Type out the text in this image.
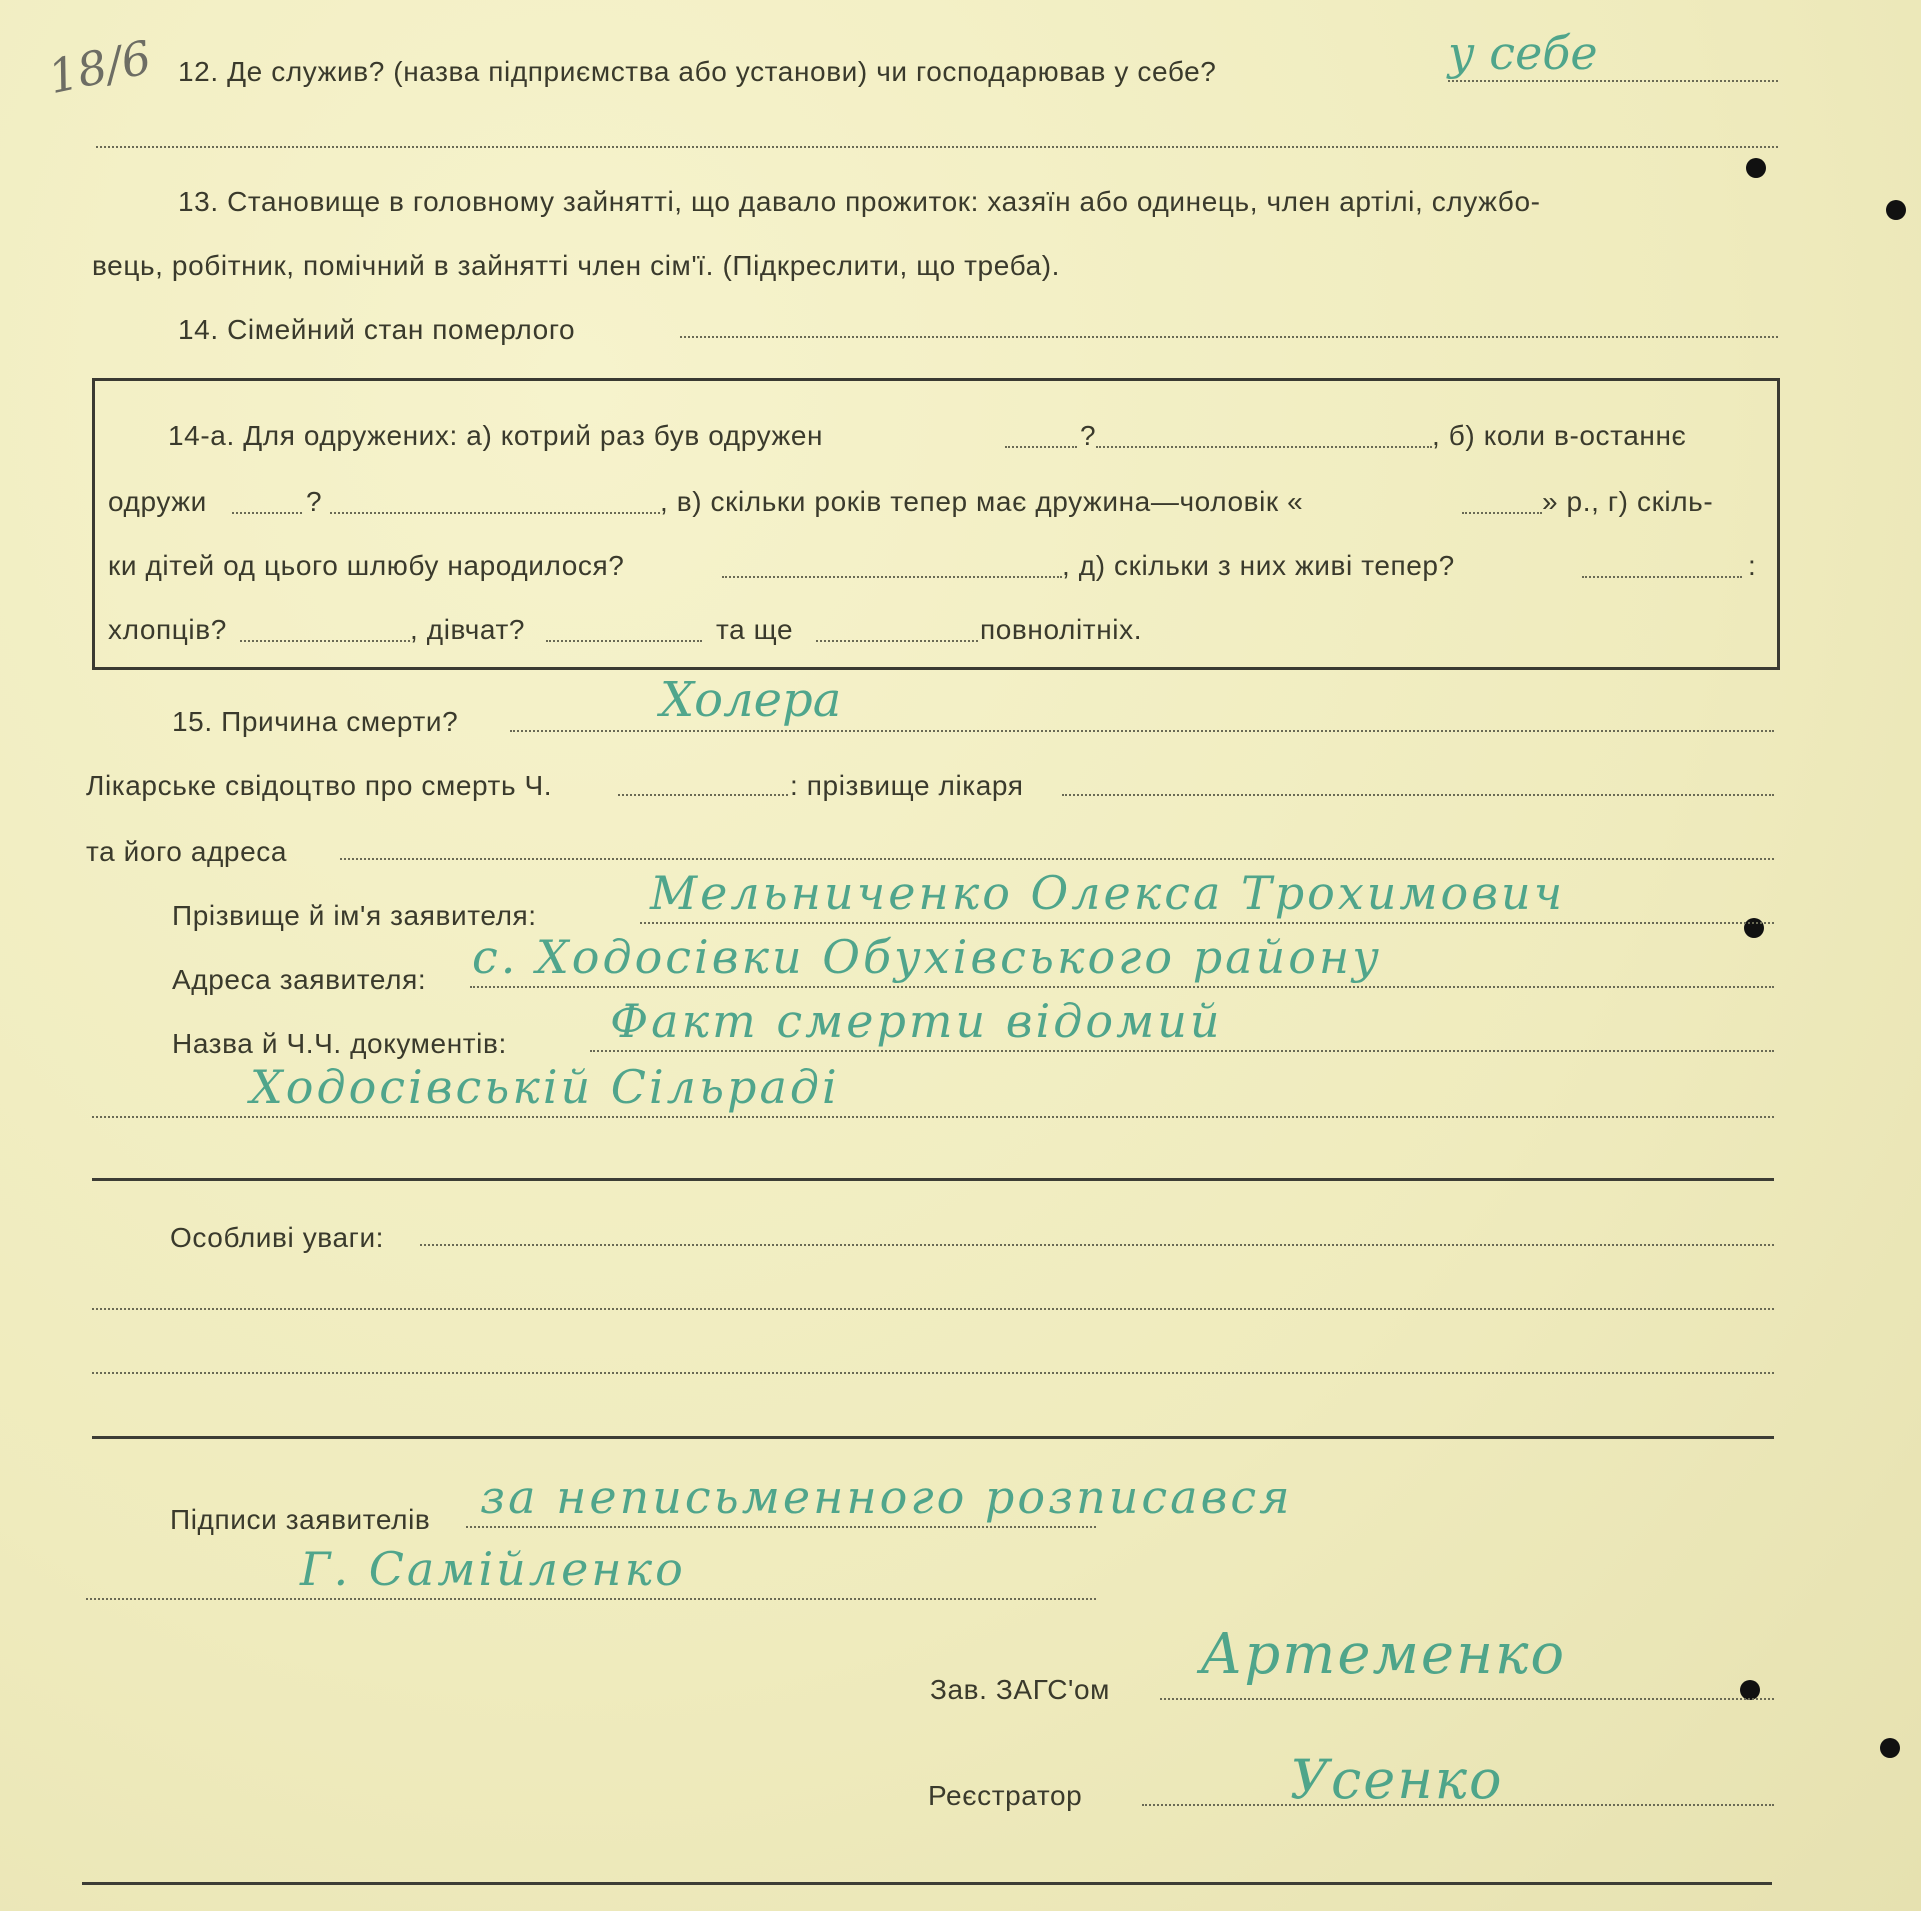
18/6 12. Де служив? (назва підприємства або установи) чи господарював у себе?	у себе
13. Становище в головному зайнятті, що давало прожиток: хазяїн або одинець, член артілі, службо-
вець, робітник, помічний в зайнятті член сім'ї. (Підкреслити, що треба).
14. Сімейний стан померлого
14-а. Для одружених: а) котрий раз був одружен	?	, б) коли в-останнє
одружи	?	, в) скільки років тепер має дружина—чоловік «	» р., г) скіль-
ки дітей од цього шлюбу народилося?	, д) скільки з них живі тепер?	:
хлопців?	, дівчат?	та ще	повнолітніх.
15. Причина смерти?	Холера
Лікарське свідоцтво про смерть Ч.	: прізвище лікаря
та його адреса
Прізвище й ім'я заявителя: Мельниченко Олекса Трохимович
Адреса заявителя: с. Ходосівки Обухівського району
Назва й Ч.Ч. документів: Факт смерти відомий
Ходосівській Сільраді
Особливі уваги:
Підписи заявителів за неписьменного розписався
Г. Самійленко
Зав. ЗАГС'ом
Артеменко
Реєстратор	Усенко
